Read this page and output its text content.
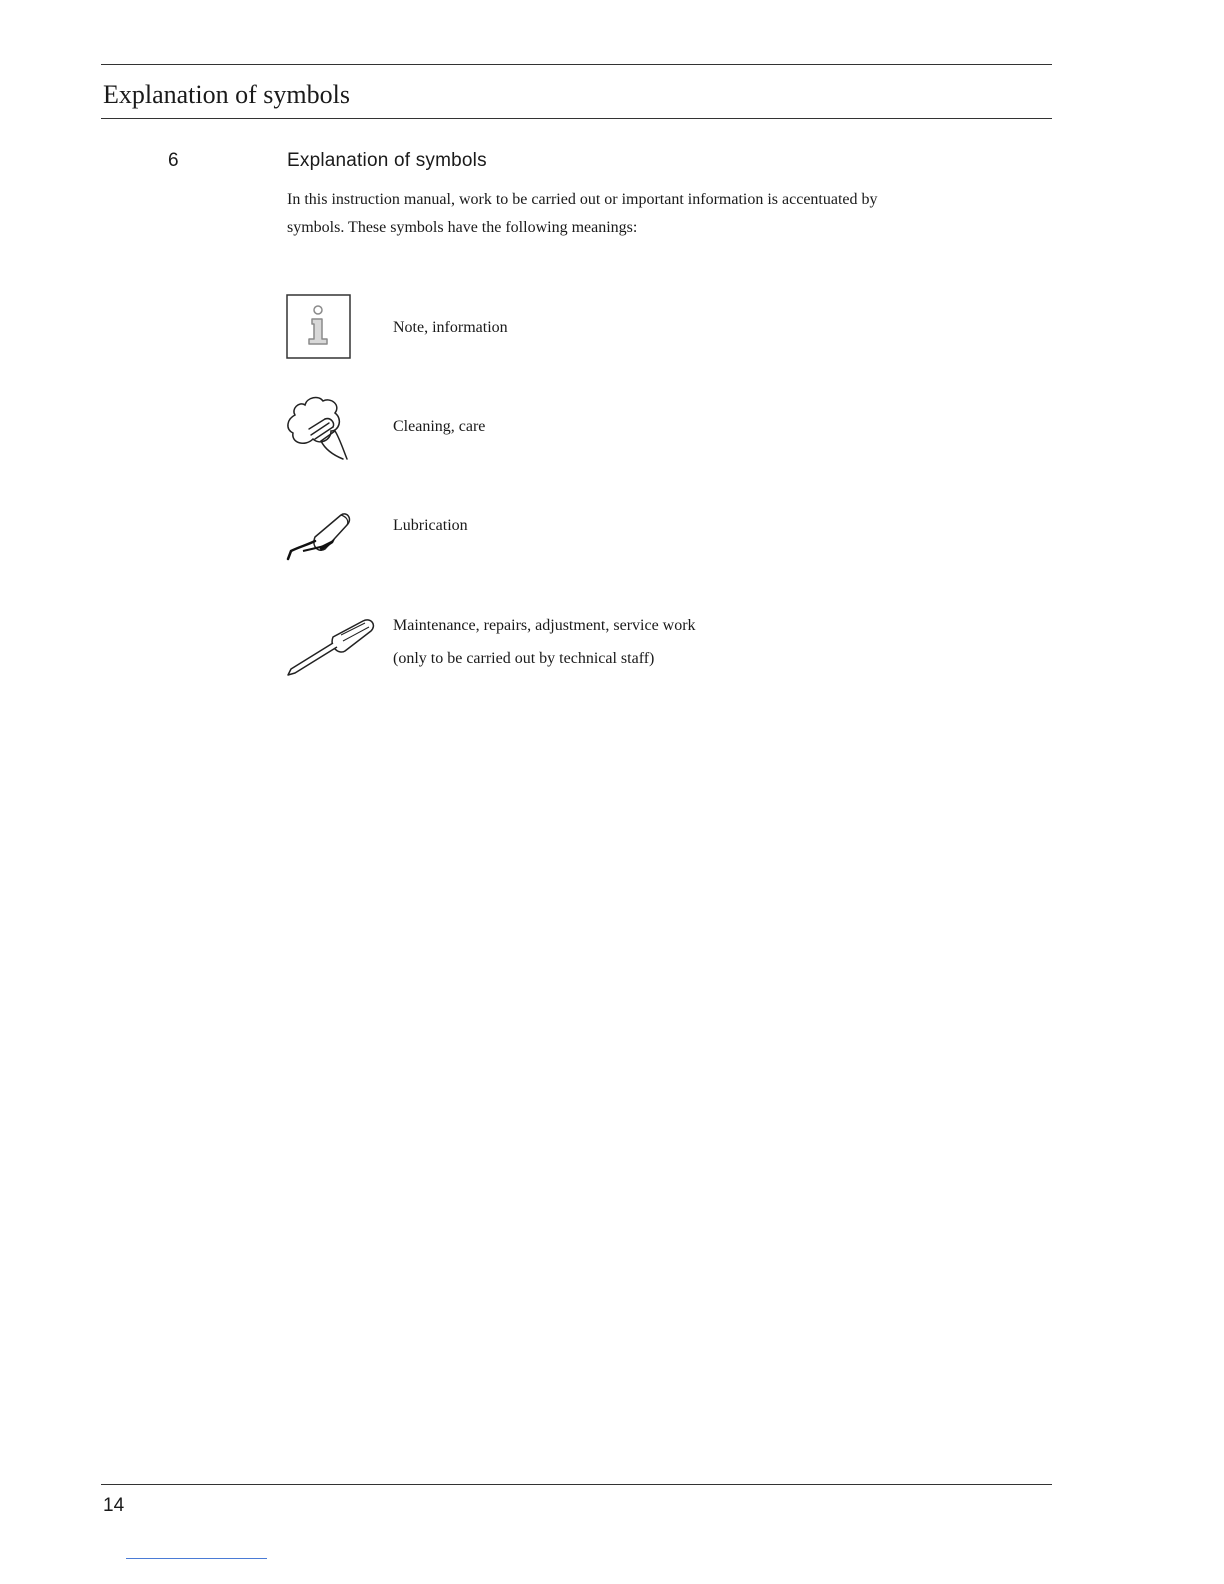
Explanation of symbols
6	Explanation of symbols
In this instruction manual, work to be carried out or important information is accentuated by
symbols. These symbols have the following meanings:
Note, information
Cleaning, care
Lubrication
Maintenance, repairs, adjustment, service work
(only to be carried out by technical staff)
14
